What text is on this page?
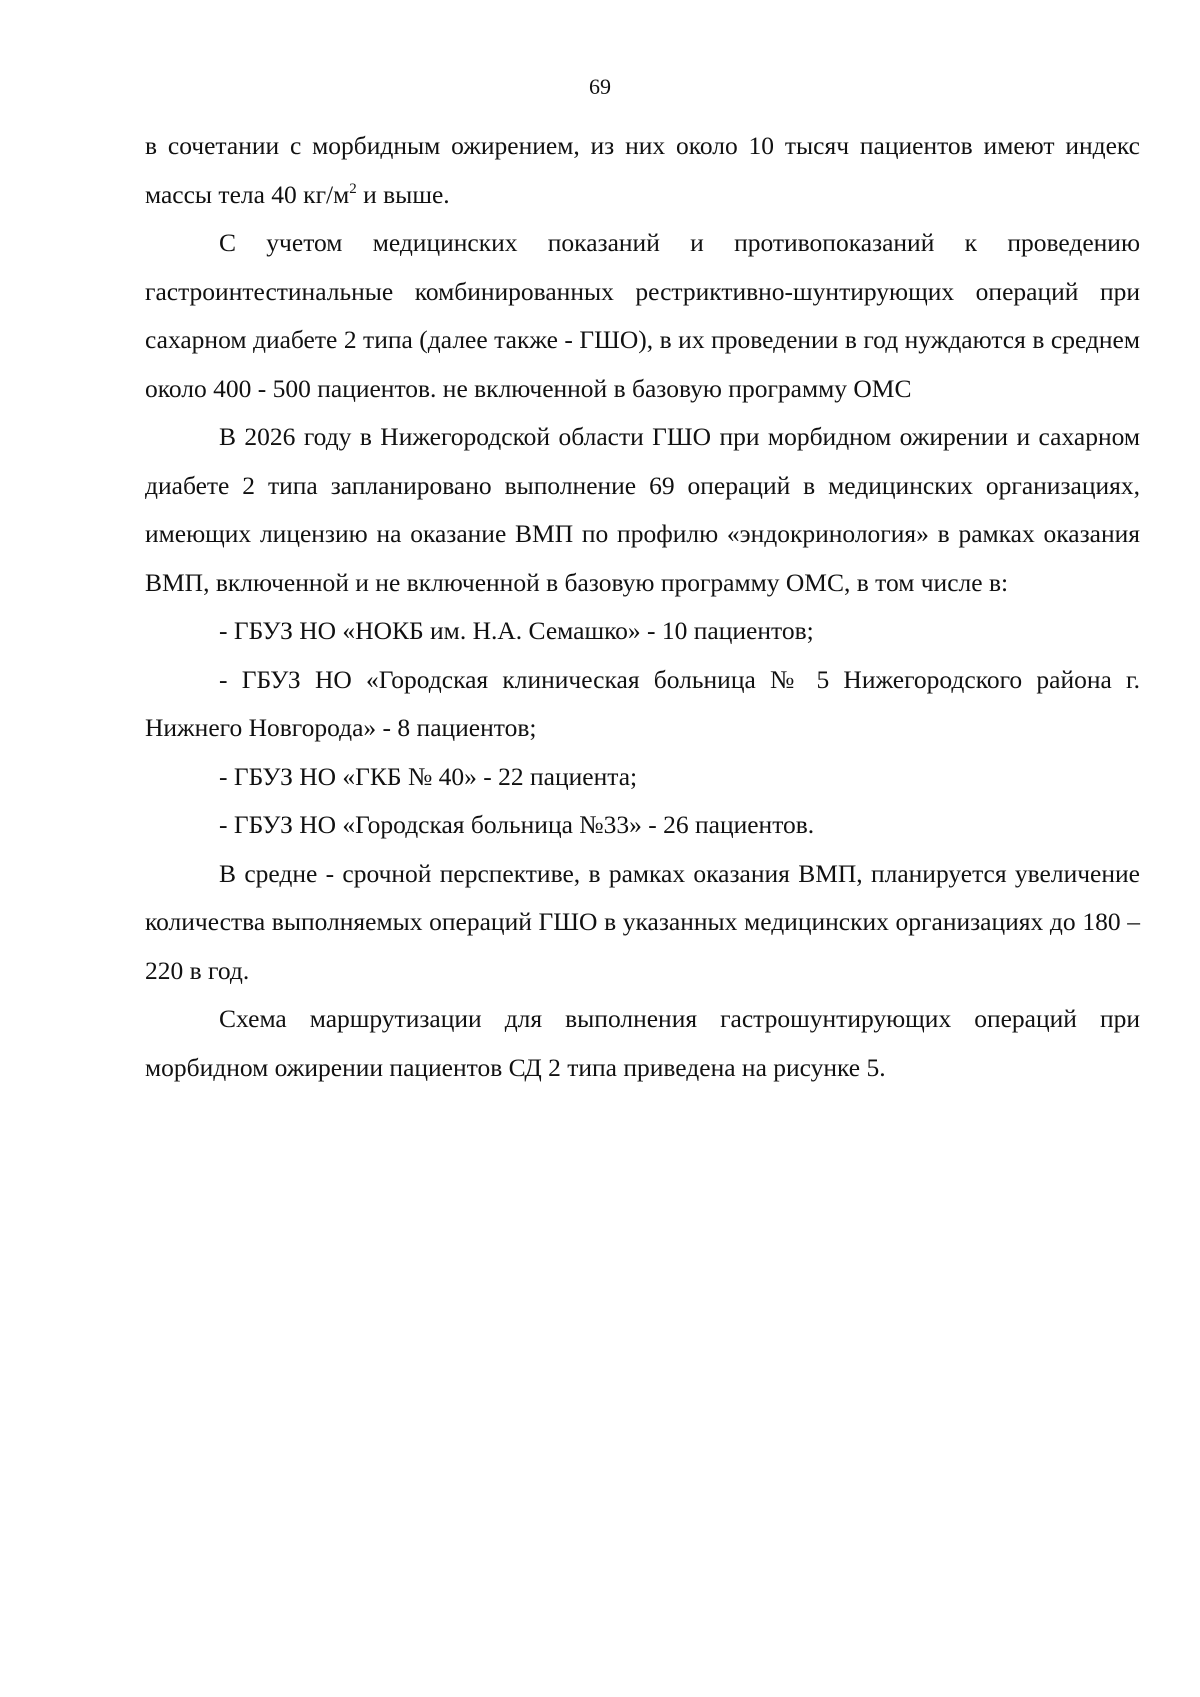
69

в сочетании с морбидным ожирением, из них около 10 тысяч пациентов имеют индекс массы тела 40 $кг/м^2$ и выше.

С учетом медицинских показаний и противопоказаний к проведению гастроинтестинальные комбинированных рестриктивно-шунтирующих операций при сахарном диабете 2 типа (далее также - ГШО), в их проведении в год нуждаются в среднем около 400 - 500 пациентов. не включенной в базовую программу ОМС

В 2026 году в Нижегородской области ГШО при морбидном ожирении и сахарном диабете 2 типа запланировано выполнение 69 операций в медицинских организациях, имеющих лицензию на оказание ВМП по профилю «эндокринология» в рамках оказания ВМП, включенной и не включенной в базовую программу ОМС, в том числе в:

- ГБУЗ НО «НОКБ им. Н.А. Семашко» - 10 пациентов;

- ГБУЗ НО «Городская клиническая больница № 5 Нижегородского района г. Нижнего Новгорода» - 8 пациентов;

- ГБУЗ НО «ГКБ № 40» - 22 пациента;

- ГБУЗ НО «Городская больница №33» - 26 пациентов.

В средне - срочной перспективе, в рамках оказания ВМП, планируется увеличение количества выполняемых операций ГШО в указанных медицинских организациях до 180 – 220 в год.

Схема маршрутизации для выполнения гастрошунтирующих операций при морбидном ожирении пациентов СД 2 типа приведена на рисунке 5.
